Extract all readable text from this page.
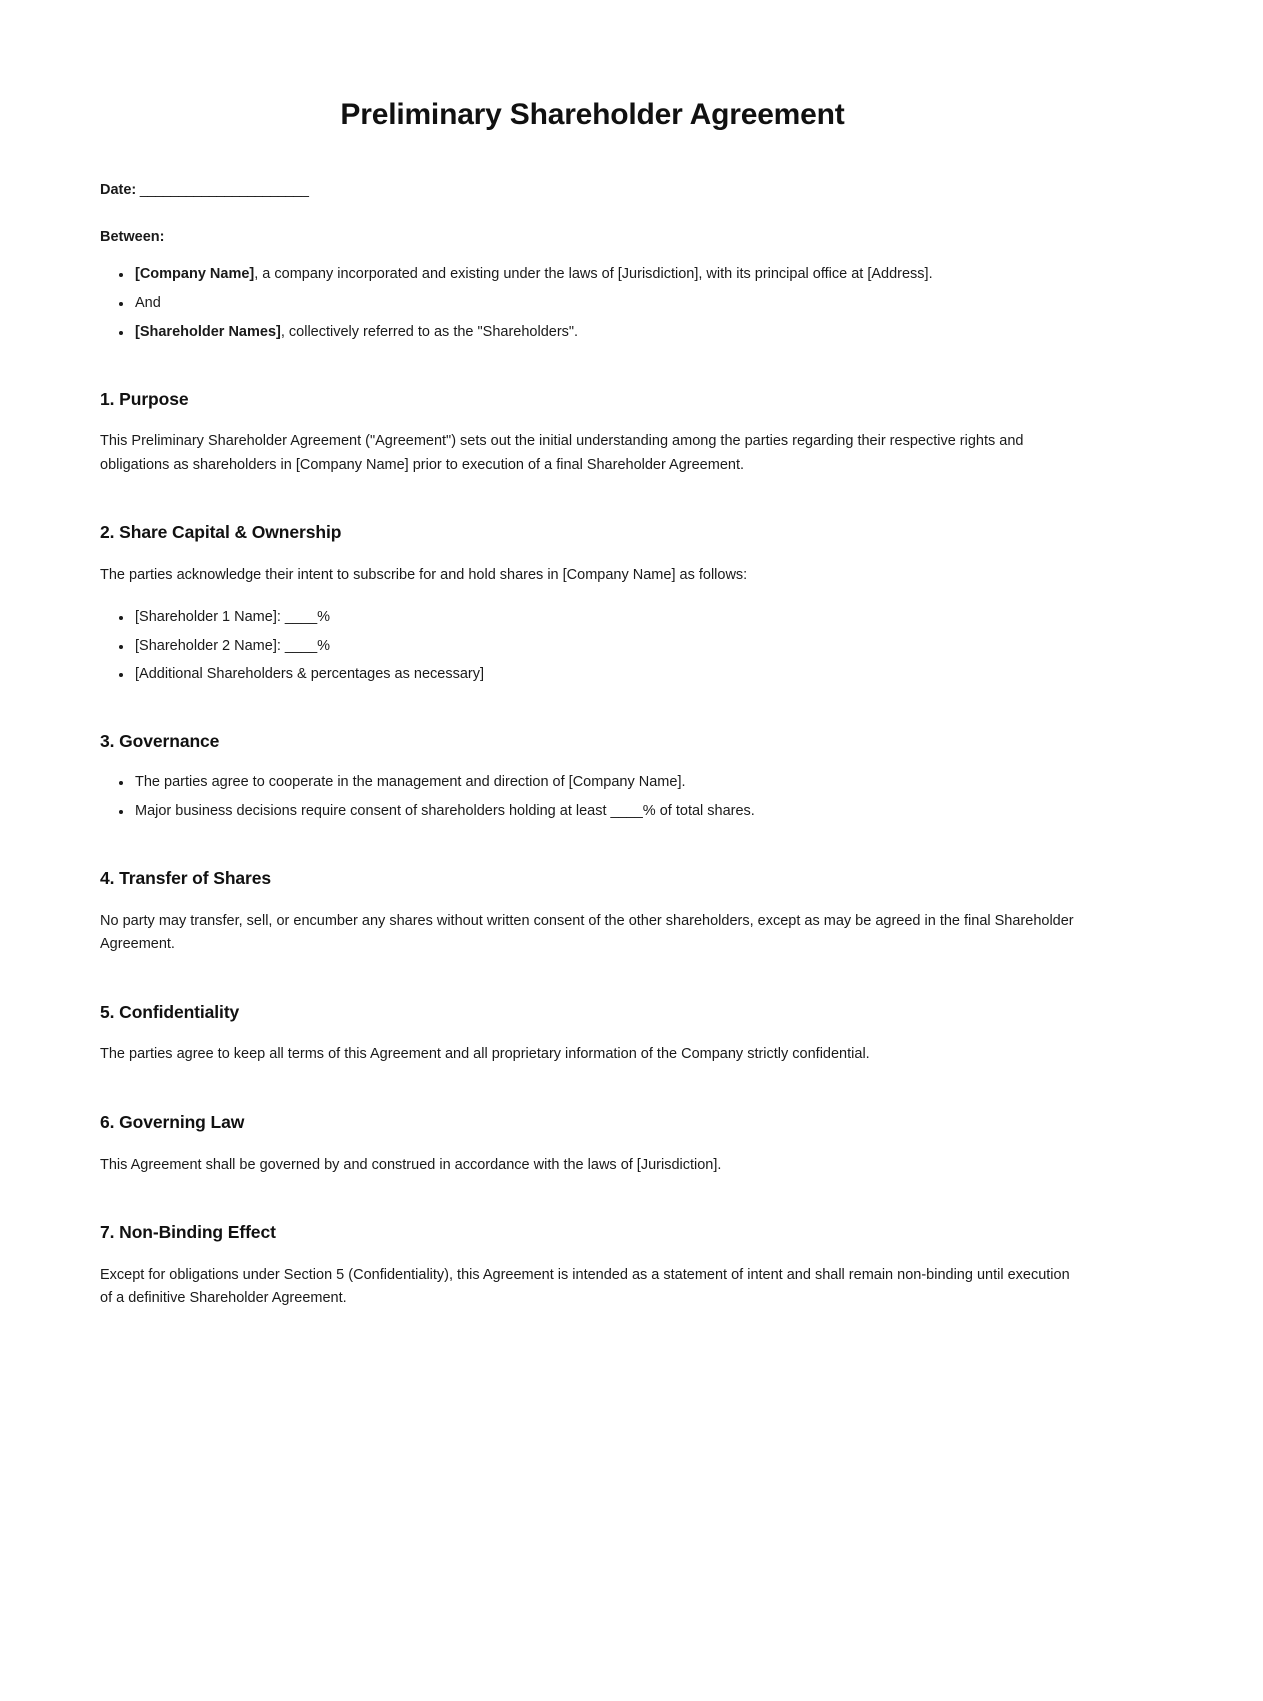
Preliminary Shareholder Agreement
Date: ______________________
Between:
• [Company Name], a company incorporated and existing under the laws of [Jurisdiction], with its principal office at [Address].
• And
• [Shareholder Names], collectively referred to as the "Shareholders".
1. Purpose

This Preliminary Shareholder Agreement ("Agreement") sets out the initial understanding among the parties regarding their respective rights and obligations as shareholders in [Company Name] prior to execution of a final Shareholder Agreement.

2. Share Capital & Ownership

The parties acknowledge their intent to subscribe for and hold shares in [Company Name] as follows:

• [Shareholder 1 Name]: ____%
• [Shareholder 2 Name]: ____%
• [Additional Shareholders & percentages as necessary]
3. Governance
• The parties agree to cooperate in the management and direction of [Company Name].
• Major business decisions require consent of shareholders holding at least ____% of total shares.
4. Transfer of Shares

No party may transfer, sell, or encumber any shares without written consent of the other shareholders, except as may be agreed in the final Shareholder Agreement.

5. Confidentiality

The parties agree to keep all terms of this Agreement and all proprietary information of the Company strictly confidential.

6. Governing Law

This Agreement shall be governed by and construed in accordance with the laws of [Jurisdiction].

7. Non-Binding Effect

Except for obligations under Section 5 (Confidentiality), this Agreement is intended as a statement of intent and shall remain non-binding until execution of a definitive Shareholder Agreement.
